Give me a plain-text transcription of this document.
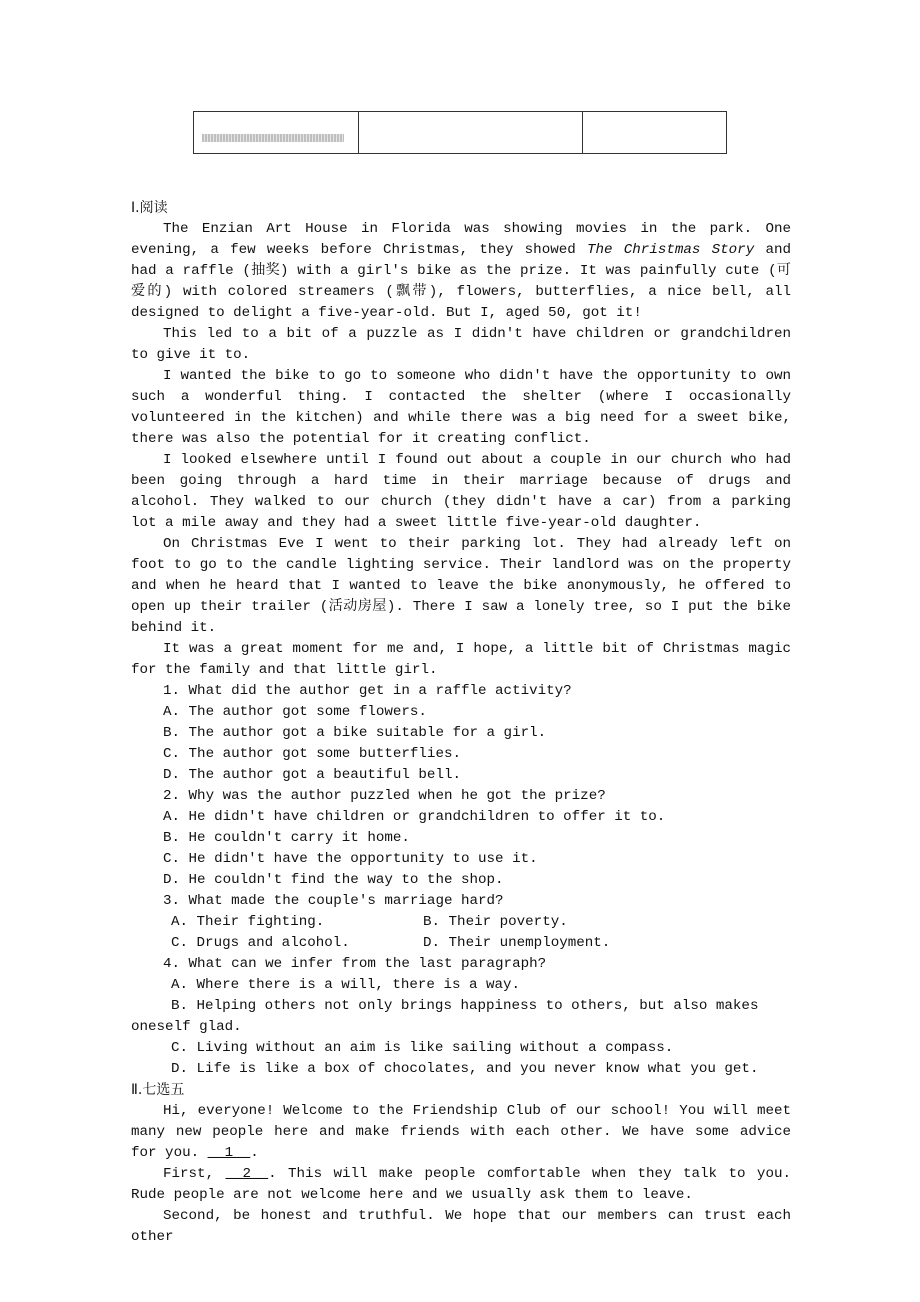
Ⅰ.阅读

The Enzian Art House in Florida was showing movies in the park. One evening, a few weeks before Christmas, they showed The Christmas Story and had a raffle (抽奖) with a girl's bike as the prize. It was painfully cute (可爱的) with colored streamers (飘带), flowers, butterflies, a nice bell, all designed to delight a five-year-old. But I, aged 50, got it!

This led to a bit of a puzzle as I didn't have children or grandchildren to give it to.

I wanted the bike to go to someone who didn't have the opportunity to own such a wonderful thing. I contacted the shelter (where I occasionally volunteered in the kitchen) and while there was a big need for a sweet bike, there was also the potential for it creating conflict.

I looked elsewhere until I found out about a couple in our church who had been going through a hard time in their marriage because of drugs and alcohol. They walked to our church (they didn't have a car) from a parking lot a mile away and they had a sweet little five-year-old daughter.

On Christmas Eve I went to their parking lot. They had already left on foot to go to the candle lighting service. Their landlord was on the property and when he heard that I wanted to leave the bike anonymously, he offered to open up their trailer (活动房屋). There I saw a lonely tree, so I put the bike behind it.

It was a great moment for me and, I hope, a little bit of Christmas magic for the family and that little girl.

1. What did the author get in a raffle activity?

A. The author got some flowers.

B. The author got a bike suitable for a girl.

C. The author got some butterflies.

D. The author got a beautiful bell.

2. Why was the author puzzled when he got the prize?

A. He didn't have children or grandchildren to offer it to.

B. He couldn't carry it home.

C. He didn't have the opportunity to use it.

D. He couldn't find the way to the shop.

3. What made the couple's marriage hard?

A. Their fighting.	B. Their poverty.
C. Drugs and alcohol.	D. Their unemployment.

4. What can we infer from the last paragraph?

A. Where there is a will, there is a way.

B. Helping others not only brings happiness to others, but also makes oneself glad.

C. Living without an aim is like sailing without a compass.

D. Life is like a box of chocolates, and you never know what you get.

Ⅱ.七选五

Hi, everyone! Welcome to the Friendship Club of our school! You will meet many new people here and make friends with each other. We have some advice for you. __1__.

First, __2__. This will make people comfortable when they talk to you. Rude people are not welcome here and we usually ask them to leave.

Second, be honest and truthful. We hope that our members can trust each other
